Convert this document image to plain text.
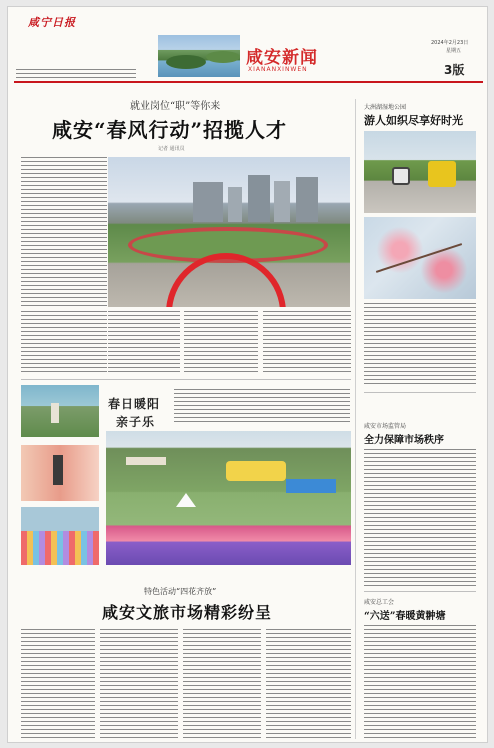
咸宁日报
咸安新闻
XIANANXINWEN
2024年2月23日
星期五
3版
就业岗位“职”等你来
咸安“春风行动”招揽人才
记者 通讯员
春日暖阳
亲子乐
特色活动“四花齐放”
咸安文旅市场精彩纷呈
大洲湖湿地公园
游人如织尽享好时光
咸安市场监管局
全力保障市场秩序
咸安总工会
“六送”春暖黄翀塘
